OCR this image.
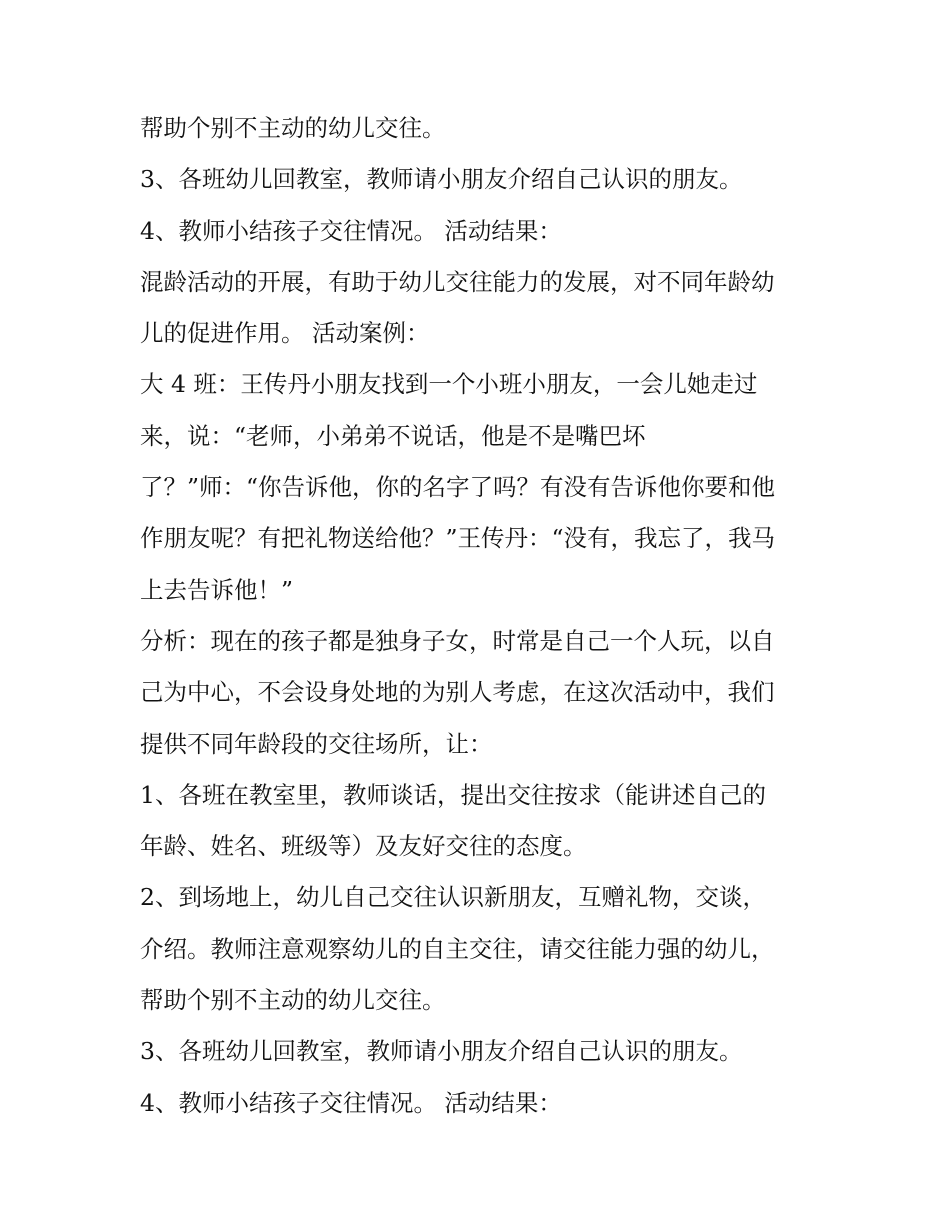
帮助个别不主动的幼儿交往。
3、各班幼儿回教室，教师请小朋友介绍自己认识的朋友。
4、教师小结孩子交往情况。 活动结果：
混龄活动的开展，有助于幼儿交往能力的发展，对不同年龄幼
儿的促进作用。 活动案例：
大 4 班：王传丹小朋友找到一个小班小朋友，一会儿她走过
来，说：“老师，小弟弟不说话，他是不是嘴巴坏
了？”师：“你告诉他，你的名字了吗？有没有告诉他你要和他
作朋友呢？有把礼物送给他？”王传丹：“没有，我忘了，我马
上去告诉他！”
分析：现在的孩子都是独身子女，时常是自己一个人玩，以自
己为中心，不会设身处地的为别人考虑，在这次活动中，我们
提供不同年龄段的交往场所，让：
1、各班在教室里，教师谈话，提出交往按求（能讲述自己的
年龄、姓名、班级等）及友好交往的态度。
2、到场地上，幼儿自己交往认识新朋友，互赠礼物，交谈，
介绍。教师注意观察幼儿的自主交往，请交往能力强的幼儿，
帮助个别不主动的幼儿交往。
3、各班幼儿回教室，教师请小朋友介绍自己认识的朋友。
4、教师小结孩子交往情况。 活动结果：
